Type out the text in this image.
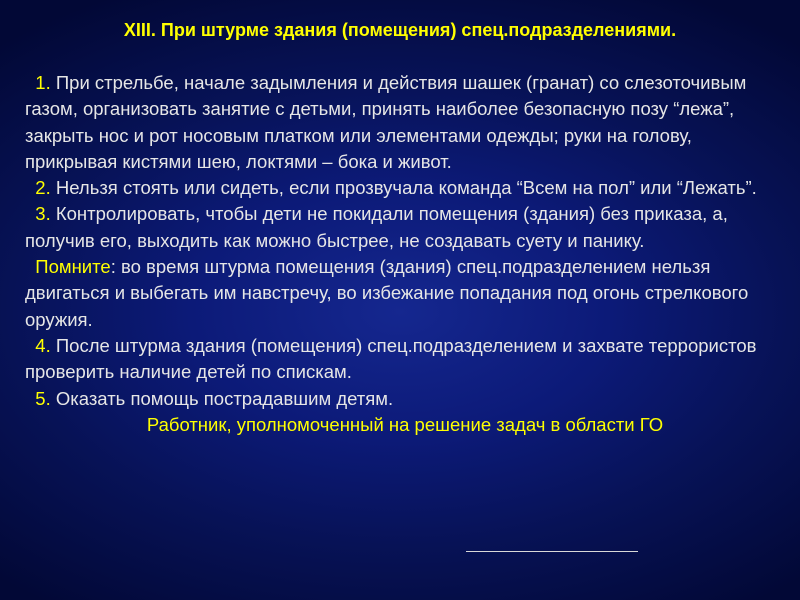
XIII. При штурме здания (помещения) спец.подразделениями.

1. При стрельбе, начале задымления и действия шашек (гранат) со слезоточивым газом, организовать занятие с детьми, принять наиболее безопасную позу “лежа”, закрыть нос и рот носовым платком или элементами одежды; руки на голову, прикрывая кистями шею, локтями – бока и живот.

2. Нельзя стоять или сидеть, если прозвучала команда “Всем на пол” или “Лежать”.

3. Контролировать, чтобы дети не покидали помещения (здания) без приказа, а, получив его, выходить как можно быстрее, не создавать суету и панику.

Помните: во время штурма помещения (здания) спец.подразделением нельзя двигаться и выбегать им навстречу, во избежание попадания под огонь стрелкового оружия.

4. После штурма здания (помещения) спец.подразделением и захвате террористов проверить наличие детей по спискам.

5. Оказать помощь пострадавшим детям.

Работник, уполномоченный на решение задач в области ГО
